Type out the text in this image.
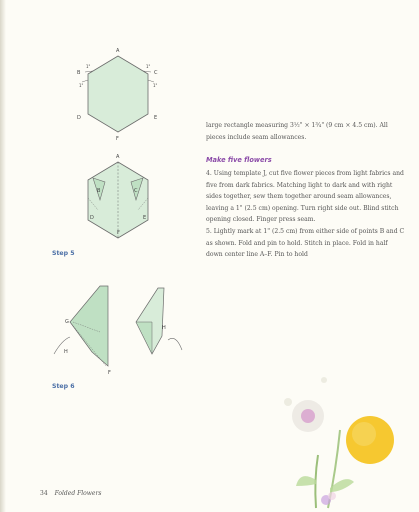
A
B	C
D	E
F
1"
1"
1"
1"
A
B	C
D	E
F
Step 5
G
H
H
F
Step 6

large rectangle measuring 3½" × 1¾" (9 cm × 4.5 cm). All pieces include seam allowances.

Make five flowers

4. Using template J, cut five flower pieces from light fabrics and five from dark fabrics. Matching light to dark and with right sides together, sew them together around seam allowances, leaving a 1" (2.5 cm) opening. Turn right side out. Blind stitch opening closed. Finger press seam.

5. Lightly mark at 1" (2.5 cm) from either side of points B and C as shown. Fold and pin to hold. Stitch in place. Fold in half down center line A–F. Pin to hold

34 Folded Flowers
